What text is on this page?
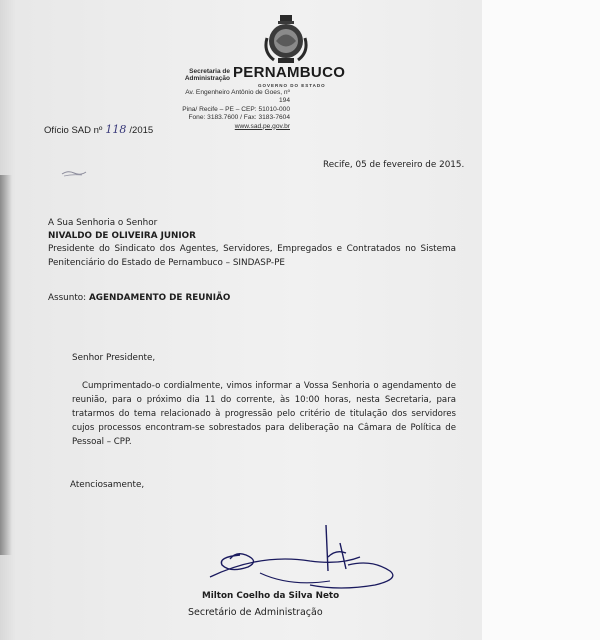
Secretaria de Administração PERNAMBUCO
GOVERNO DO ESTADO
Av. Engenheiro Antônio de Goes, nº 194
Pina/ Recife – PE – CEP: 51010-000
Fone: 3183.7600 / Fax: 3183-7604
www.sad.pe.gov.br
Ofício SAD nº 118 /2015
Recife, 05 de fevereiro de 2015.
A Sua Senhoria o Senhor
NIVALDO DE OLIVEIRA JUNIOR
Presidente do Sindicato dos Agentes, Servidores, Empregados e Contratados no Sistema Penitenciário do Estado de Pernambuco – SINDASP-PE
Assunto: AGENDAMENTO DE REUNIÃO
Senhor Presidente,
Cumprimentado-o cordialmente, vimos informar a Vossa Senhoria o agendamento de reunião, para o próximo dia 11 do corrente, às 10:00 horas, nesta Secretaria, para tratarmos do tema relacionado à progressão pelo critério de titulação dos servidores cujos processos encontram-se sobrestados para deliberação na Câmara de Política de Pessoal – CPP.
Atenciosamente,
Milton Coelho da Silva Neto
Secretário de Administração
